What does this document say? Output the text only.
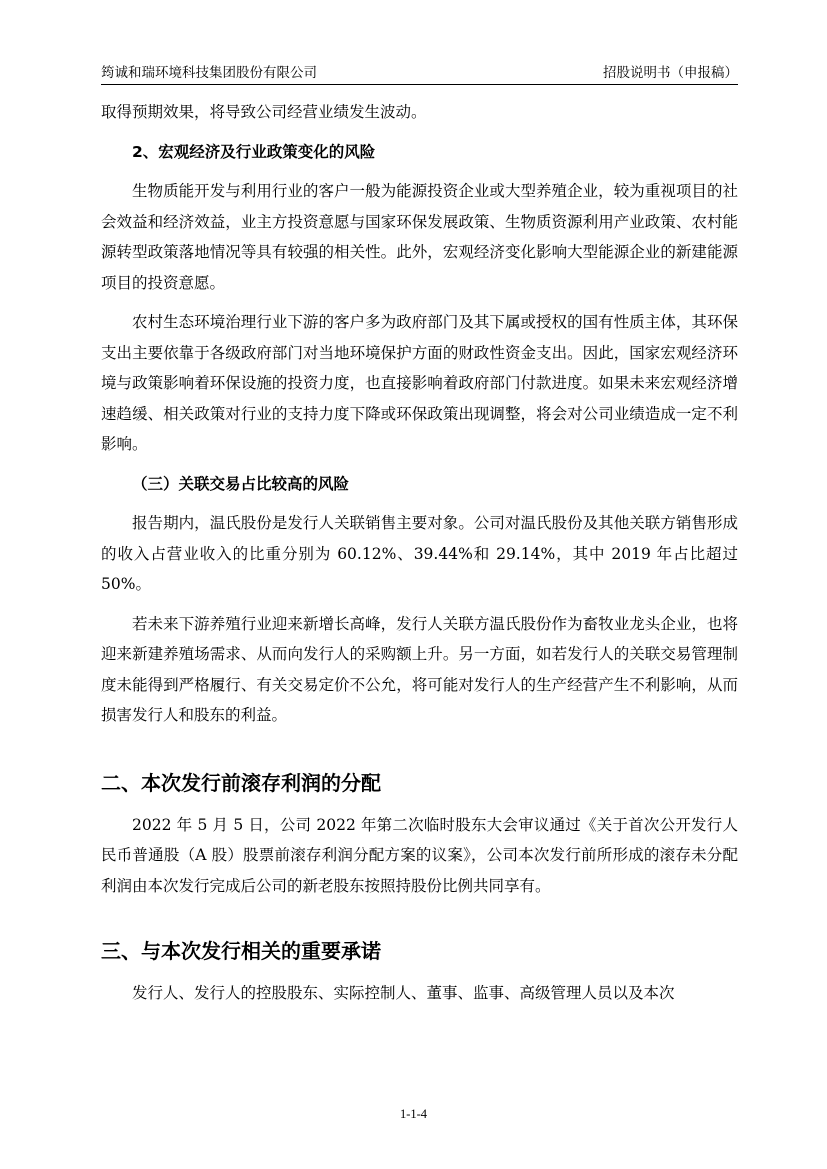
筠诚和瑞环境科技集团股份有限公司	招股说明书（申报稿）

取得预期效果，将导致公司经营业绩发生波动。

2、宏观经济及行业政策变化的风险

生物质能开发与利用行业的客户一般为能源投资企业或大型养殖企业，较为重视项目的社会效益和经济效益，业主方投资意愿与国家环保发展政策、生物质资源利用产业政策、农村能源转型政策落地情况等具有较强的相关性。此外，宏观经济变化影响大型能源企业的新建能源项目的投资意愿。

农村生态环境治理行业下游的客户多为政府部门及其下属或授权的国有性质主体，其环保支出主要依靠于各级政府部门对当地环境保护方面的财政性资金支出。因此，国家宏观经济环境与政策影响着环保设施的投资力度，也直接影响着政府部门付款进度。如果未来宏观经济增速趋缓、相关政策对行业的支持力度下降或环保政策出现调整，将会对公司业绩造成一定不利影响。

（三）关联交易占比较高的风险

报告期内，温氏股份是发行人关联销售主要对象。公司对温氏股份及其他关联方销售形成的收入占营业收入的比重分别为 60.12%、39.44%和 29.14%，其中 2019 年占比超过 50%。

若未来下游养殖行业迎来新增长高峰，发行人关联方温氏股份作为畜牧业龙头企业，也将迎来新建养殖场需求、从而向发行人的采购额上升。另一方面，如若发行人的关联交易管理制度未能得到严格履行、有关交易定价不公允，将可能对发行人的生产经营产生不利影响，从而损害发行人和股东的利益。

二、本次发行前滚存利润的分配

2022 年 5 月 5 日，公司 2022 年第二次临时股东大会审议通过《关于首次公开发行人民币普通股（A 股）股票前滚存利润分配方案的议案》，公司本次发行前所形成的滚存未分配利润由本次发行完成后公司的新老股东按照持股份比例共同享有。

三、与本次发行相关的重要承诺

发行人、发行人的控股股东、实际控制人、董事、监事、高级管理人员以及本次

1-1-4
